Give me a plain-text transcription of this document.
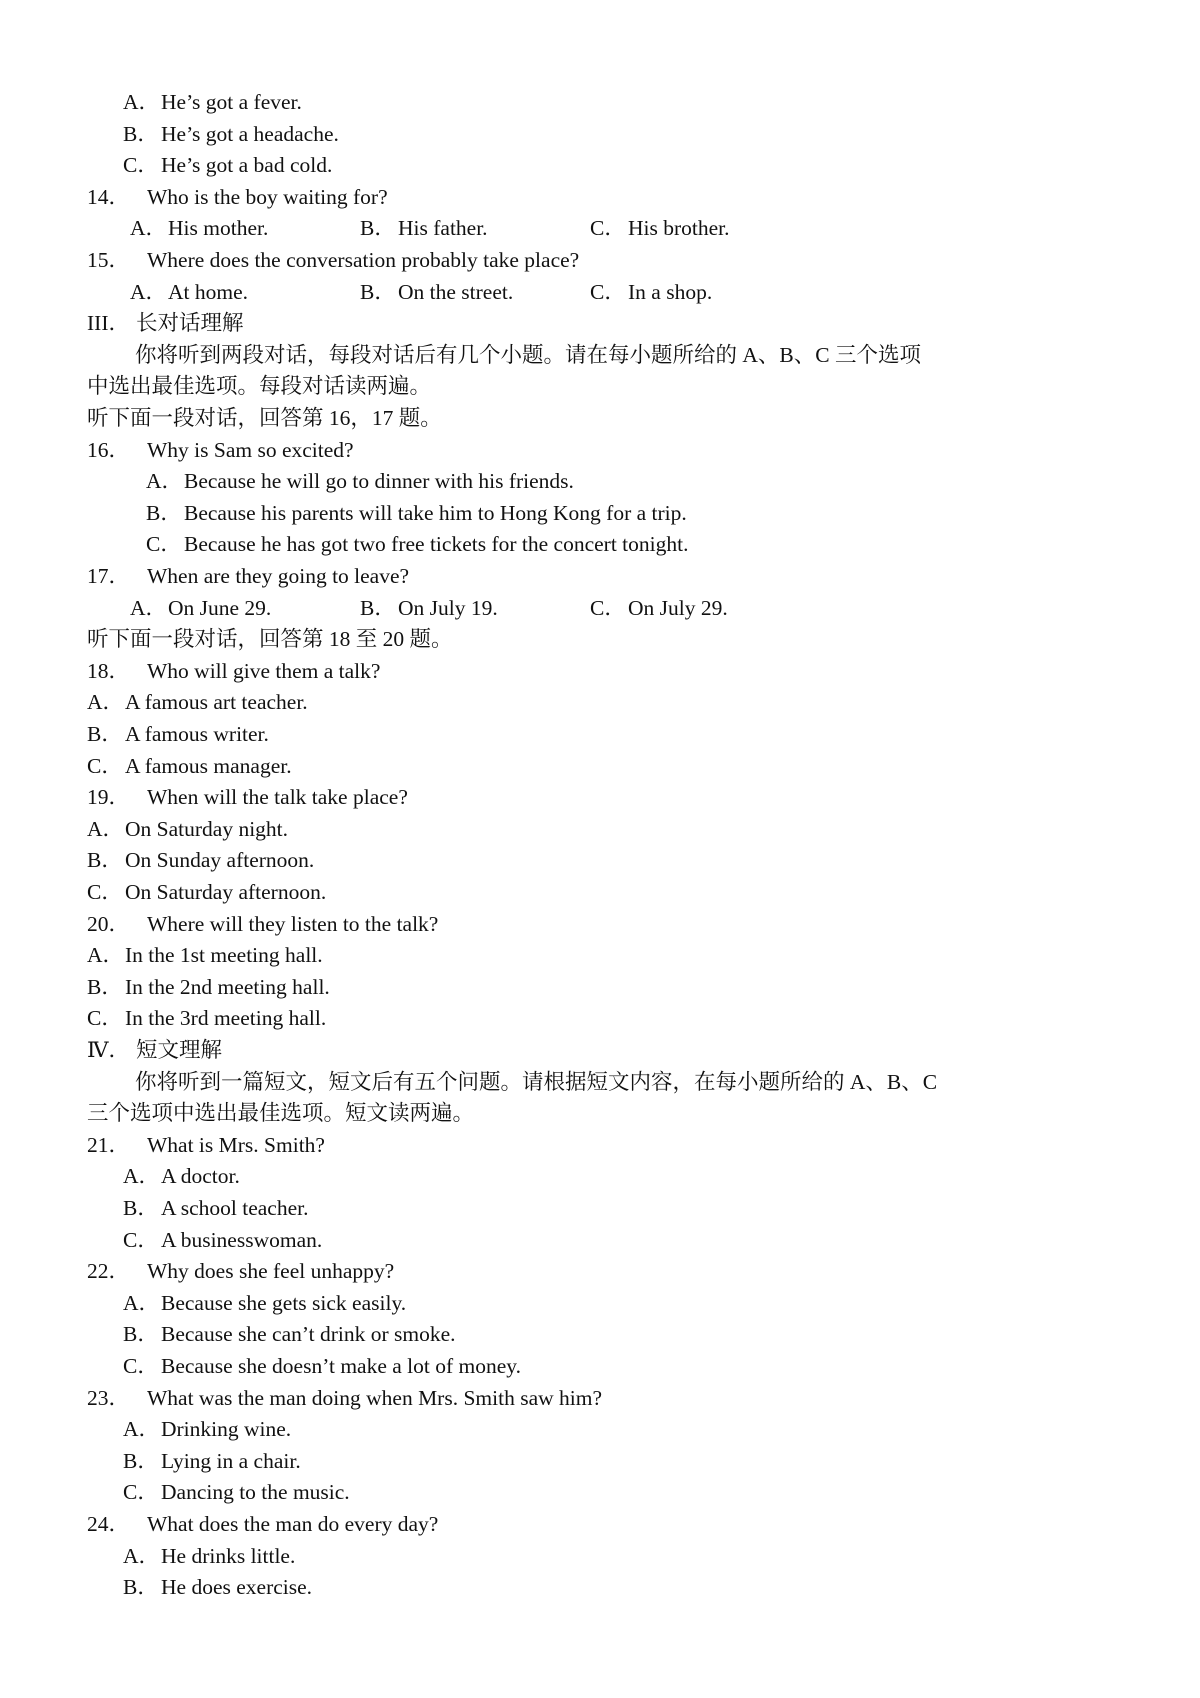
A．He’s got a fever.
B． He’s got a headache.
C． He’s got a bad cold.
14． Who is the boy waiting for?
A．His mother.	B． His father.	C． His brother.
15． Where does the conversation probably take place?
A．At home.	B． On the street.	C． In a shop.
III． 长对话理解
你将听到两段对话，每段对话后有几个小题。请在每小题所给的 A、B、C 三个选项
中选出最佳选项。每段对话读两遍。
听下面一段对话，回答第 16，17 题。
16． Why is Sam so excited?
A．Because he will go to dinner with his friends.
B． Because his parents will take him to Hong Kong for a trip.
C． Because he has got two free tickets for the concert tonight.
17． When are they going to leave?
A．On June 29.	B． On July 19.	C． On July 29.
听下面一段对话，回答第 18 至 20 题。
18． Who will give them a talk?
A．A famous art teacher.
B． A famous writer.
C． A famous manager.
19． When will the talk take place?
A．On Saturday night.
B． On Sunday afternoon.
C． On Saturday afternoon.
20． Where will they listen to the talk?
A．In the 1st meeting hall.
B． In the 2nd meeting hall.
C． In the 3rd meeting hall.
Ⅳ． 短文理解
你将听到一篇短文，短文后有五个问题。请根据短文内容，在每小题所给的 A、B、C
三个选项中选出最佳选项。短文读两遍。
21． What is Mrs. Smith?
A．A doctor.
B． A school teacher.
C． A businesswoman.
22． Why does she feel unhappy?
A．Because she gets sick easily.
B． Because she can’t drink or smoke.
C． Because she doesn’t make a lot of money.
23． What was the man doing when Mrs. Smith saw him?
A．Drinking wine.
B． Lying in a chair.
C． Dancing to the music.
24． What does the man do every day?
A．He drinks little.
B． He does exercise.
